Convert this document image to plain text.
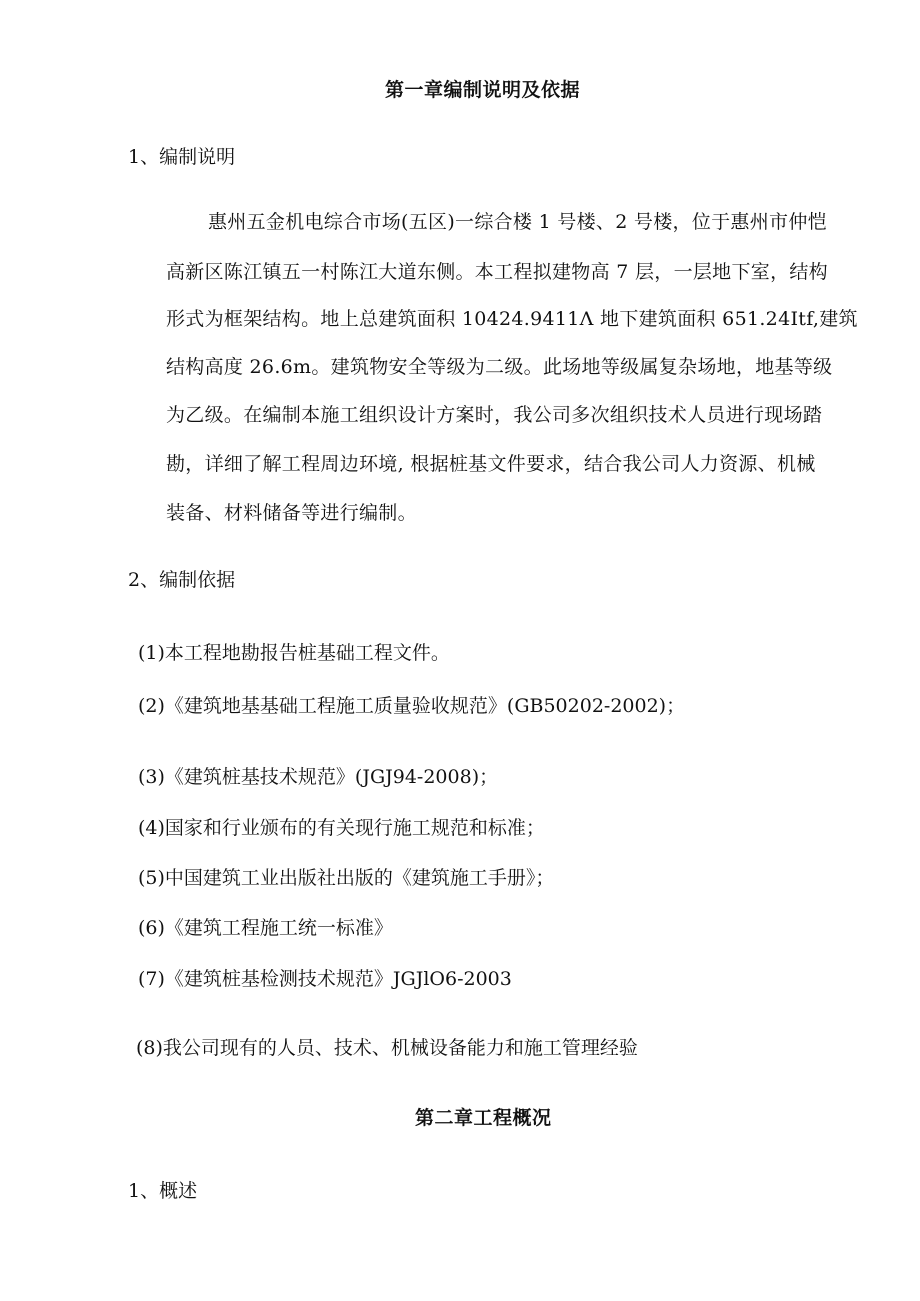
第一章编制说明及依据
1、编制说明
惠州五金机电综合市场(五区)一综合楼 1 号楼、2 号楼，位于惠州市仲恺
高新区陈江镇五一村陈江大道东侧。本工程拟建物高 7 层，一层地下室，结构
形式为框架结构。地上总建筑面积 10424.9411Λ 地下建筑面积 651.24Itf,建筑
结构高度 26.6m。建筑物安全等级为二级。此场地等级属复杂场地，地基等级
为乙级。在编制本施工组织设计方案时，我公司多次组织技术人员进行现场踏
勘，详细了解工程周边环境, 根据桩基文件要求，结合我公司人力资源、机械
装备、材料储备等进行编制。
2、编制依据
(1)本工程地勘报告桩基础工程文件。
(2)《建筑地基基础工程施工质量验收规范》(GB50202-2002)；
(3)《建筑桩基技术规范》(JGJ94-2008)；
(4)国家和行业颁布的有关现行施工规范和标准；
(5)中国建筑工业出版社出版的《建筑施工手册》；
(6)《建筑工程施工统一标准》
(7)《建筑桩基检测技术规范》JGJlO6-2003
(8)我公司现有的人员、技术、机械设备能力和施工管理经验
第二章工程概况
1、概述
